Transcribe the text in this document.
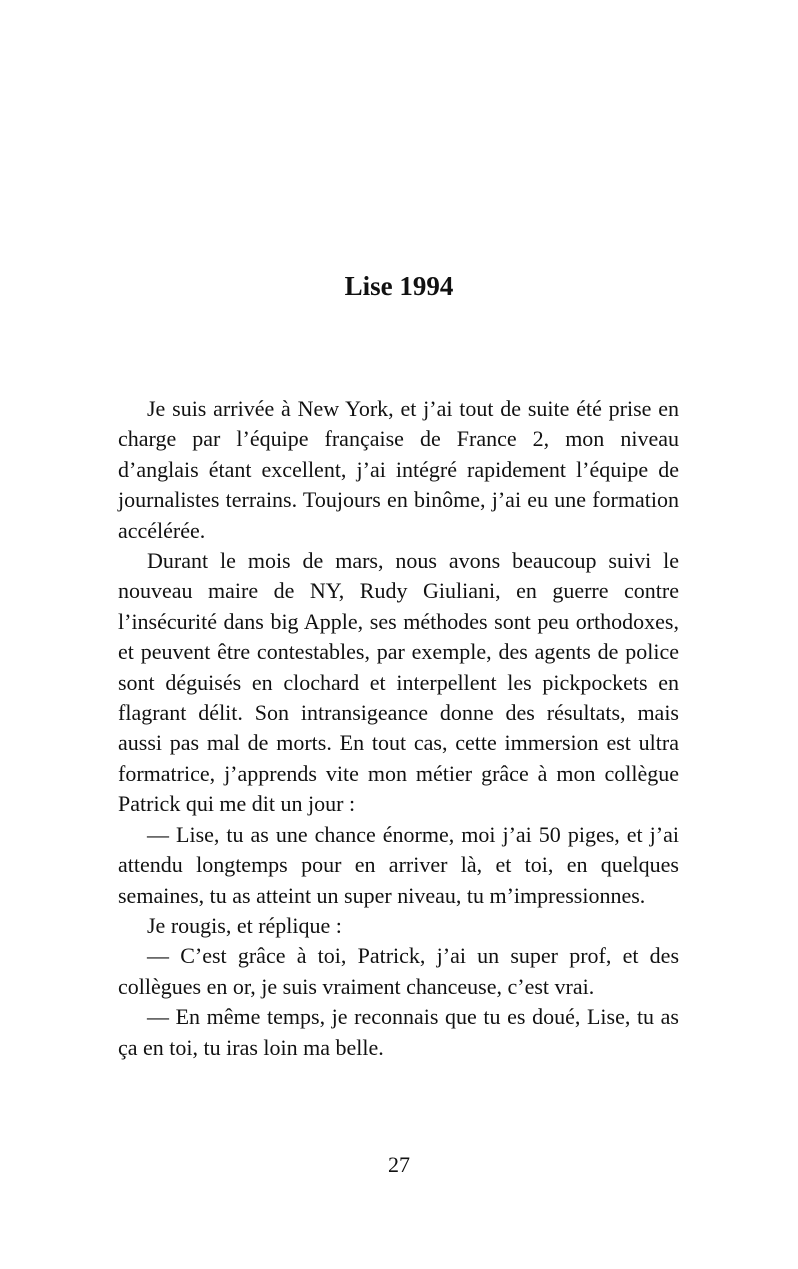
Lise 1994

Je suis arrivée à New York, et j’ai tout de suite été prise en charge par l’équipe française de France 2, mon niveau d’anglais étant excellent, j’ai intégré rapidement l’équipe de journalistes terrains. Toujours en binôme, j’ai eu une formation accélérée.

Durant le mois de mars, nous avons beaucoup suivi le nouveau maire de NY, Rudy Giuliani, en guerre contre l’insécurité dans big Apple, ses méthodes sont peu orthodoxes, et peuvent être contestables, par exemple, des agents de police sont déguisés en clochard et interpellent les pickpockets en flagrant délit. Son intransigeance donne des résultats, mais aussi pas mal de morts. En tout cas, cette immersion est ultra formatrice, j’apprends vite mon métier grâce à mon collègue Patrick qui me dit un jour :

— Lise, tu as une chance énorme, moi j’ai 50 piges, et j’ai attendu longtemps pour en arriver là, et toi, en quelques semaines, tu as atteint un super niveau, tu m’impressionnes.

Je rougis, et réplique :

— C’est grâce à toi, Patrick, j’ai un super prof, et des collègues en or, je suis vraiment chanceuse, c’est vrai.

— En même temps, je reconnais que tu es doué, Lise, tu as ça en toi, tu iras loin ma belle.

27
